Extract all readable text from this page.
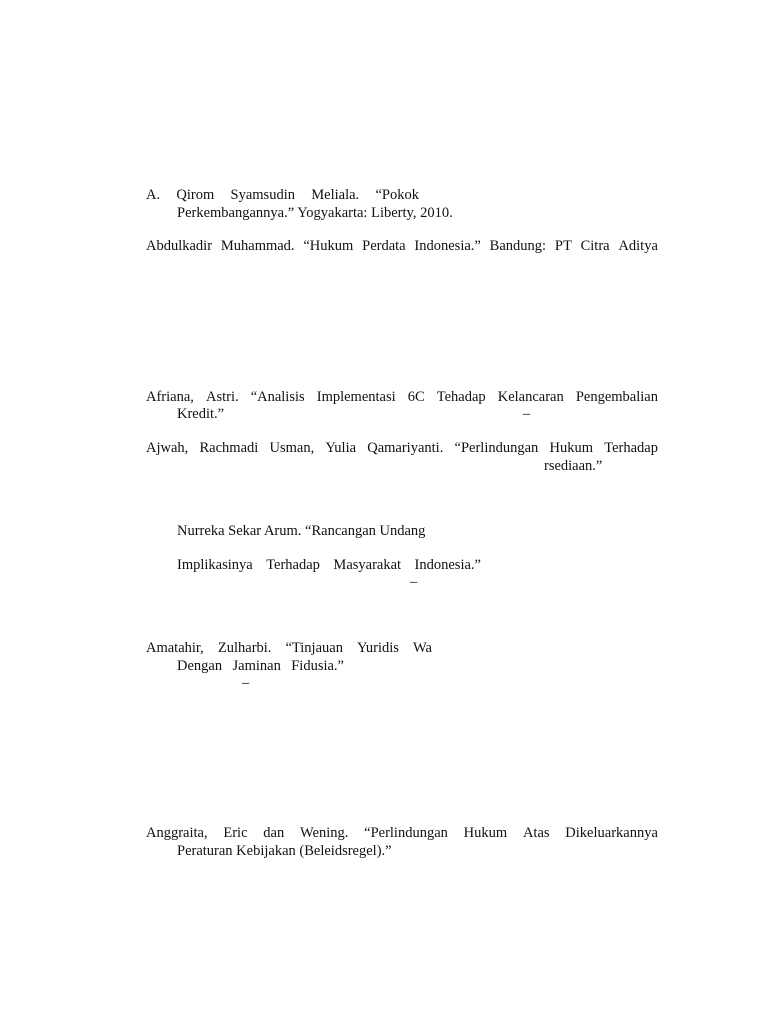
A. Qirom Syamsudin Meliala. “Pokok
Perkembangannya.” Yogyakarta: Liberty, 2010.
Abdulkadir Muhammad. “Hukum Perdata Indonesia.” Bandung: PT Citra Aditya
Afriana, Astri. “Analisis Implementasi 6C Tehadap Kelancaran Pengembalian
Kredit.”	–
Ajwah, Rachmadi Usman, Yulia Qamariyanti. “Perlindungan Hukum Terhadap
rsediaan.”
Nurreka Sekar Arum. “Rancangan Undang
Implikasinya Terhadap Masyarakat Indonesia.”
–
Amatahir, Zulharbi. “Tinjauan Yuridis Wa
Dengan Jaminan Fidusia.”
–
Anggraita, Eric dan Wening. “Perlindungan Hukum Atas Dikeluarkannya
Peraturan Kebijakan (Beleidsregel).”
